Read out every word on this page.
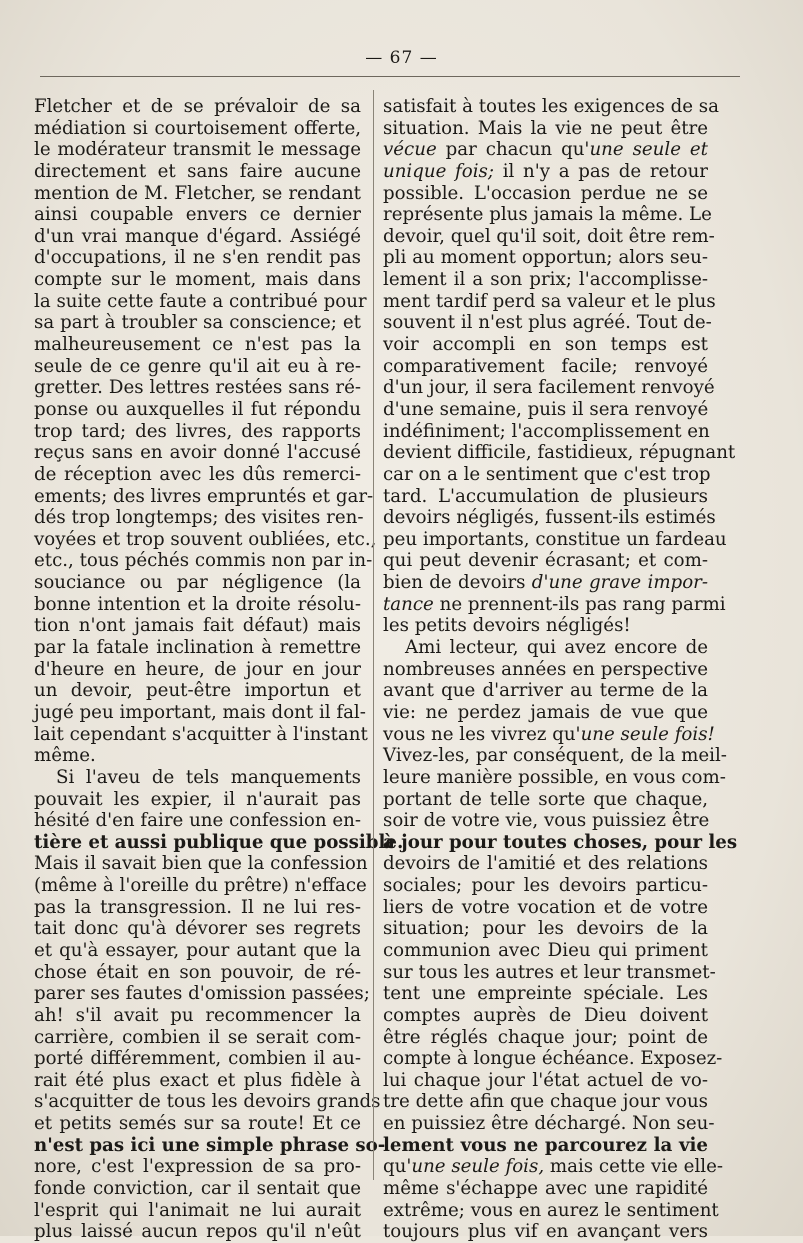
— 67 —
Fletcher et de se prévaloir de sa
médiation si courtoisement offerte,
le modérateur transmit le message
directement et sans faire aucune
mention de M. Fletcher, se rendant
ainsi coupable envers ce dernier
d'un vrai manque d'égard. Assiégé
d'occupations, il ne s'en rendit pas
compte sur le moment, mais dans
la suite cette faute a contribué pour
sa part à troubler sa conscience; et
malheureusement ce n'est pas la
seule de ce genre qu'il ait eu à re-
gretter. Des lettres restées sans ré-
ponse ou auxquelles il fut répondu
trop tard; des livres, des rapports
reçus sans en avoir donné l'accusé
de réception avec les dûs remerci-
ements; des livres empruntés et gar-
dés trop longtemps; des visites ren-
voyées et trop souvent oubliées, etc.,
etc., tous péchés commis non par in-
souciance ou par négligence (la
bonne intention et la droite résolu-
tion n'ont jamais fait défaut) mais
par la fatale inclination à remettre
d'heure en heure, de jour en jour
un devoir, peut-être importun et
jugé peu important, mais dont il fal-
lait cependant s'acquitter à l'instant
même.
Si l'aveu de tels manquements
pouvait les expier, il n'aurait pas
hésité d'en faire une confession en-
tière et aussi publique que possible.
Mais il savait bien que la confession
(même à l'oreille du prêtre) n'efface
pas la transgression. Il ne lui res-
tait donc qu'à dévorer ses regrets
et qu'à essayer, pour autant que la
chose était en son pouvoir, de ré-
parer ses fautes d'omission passées;
ah! s'il avait pu recommencer la
carrière, combien il se serait com-
porté différemment, combien il au-
rait été plus exact et plus fidèle à
s'acquitter de tous les devoirs grands
et petits semés sur sa route! Et ce
n'est pas ici une simple phrase so-
nore, c'est l'expression de sa pro-
fonde conviction, car il sentait que
l'esprit qui l'animait ne lui aurait
plus laissé aucun repos qu'il n'eût
satisfait à toutes les exigences de sa
situation. Mais la vie ne peut être
vécue par chacun qu'une seule et
unique fois; il n'y a pas de retour
possible. L'occasion perdue ne se
représente plus jamais la même. Le
devoir, quel qu'il soit, doit être rem-
pli au moment opportun; alors seu-
lement il a son prix; l'accomplisse-
ment tardif perd sa valeur et le plus
souvent il n'est plus agréé. Tout de-
voir accompli en son temps est
comparativement facile; renvoyé
d'un jour, il sera facilement renvoyé
d'une semaine, puis il sera renvoyé
indéfiniment; l'accomplissement en
devient difficile, fastidieux, répugnant
car on a le sentiment que c'est trop
tard. L'accumulation de plusieurs
devoirs négligés, fussent-ils estimés
peu importants, constitue un fardeau
qui peut devenir écrasant; et com-
bien de devoirs d'une grave impor-
tance ne prennent-ils pas rang parmi
les petits devoirs négligés!
Ami lecteur, qui avez encore de
nombreuses années en perspective
avant que d'arriver au terme de la
vie: ne perdez jamais de vue que
vous ne les vivrez qu'une seule fois!
Vivez-les, par conséquent, de la meil-
leure manière possible, en vous com-
portant de telle sorte que chaque,
soir de votre vie, vous puissiez être
à jour pour toutes choses, pour les
devoirs de l'amitié et des relations
sociales; pour les devoirs particu-
liers de votre vocation et de votre
situation; pour les devoirs de la
communion avec Dieu qui priment
sur tous les autres et leur transmet-
tent une empreinte spéciale. Les
comptes auprès de Dieu doivent
être réglés chaque jour; point de
compte à longue échéance. Exposez-
lui chaque jour l'état actuel de vo-
tre dette afin que chaque jour vous
en puissiez être déchargé. Non seu-
lement vous ne parcourez la vie
qu'une seule fois, mais cette vie elle-
même s'échappe avec une rapidité
extrême; vous en aurez le sentiment
toujours plus vif en avançant vers
